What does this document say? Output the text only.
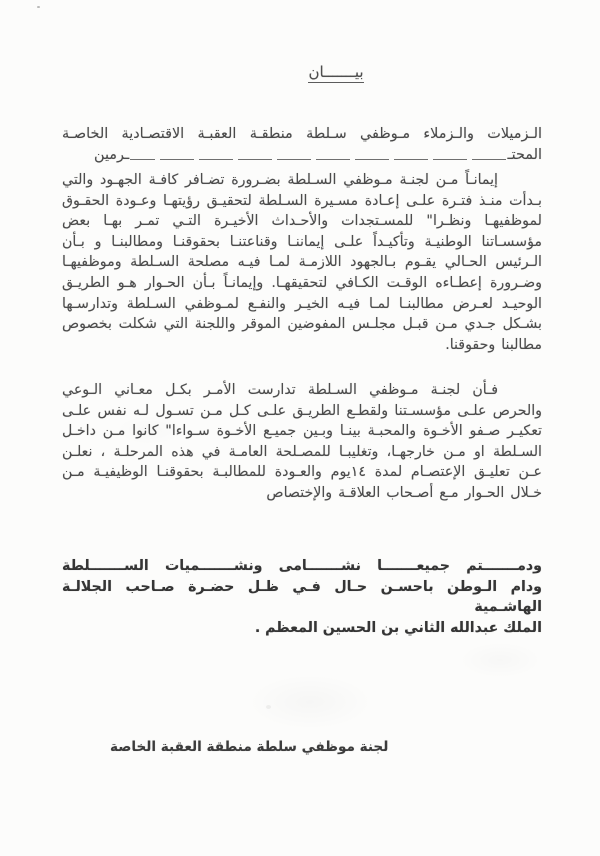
بيـــــــان
الـزميلات والـزملاء مـوظفي سـلطة منطقـة العقبـة الاقتصـادية الخاصـة
المحتـ
ـرمين
إيمانـاً مـن لجنـة مـوظفي السـلطة بضـرورة تضـافر كافـة الجهـود والتي بـدأت منـذ فتـرة علـى إعـادة مسـيرة السـلطة لتحقيـق رؤيتهـا وعـودة الحقـوق لموظفيهـا ونظـرا" للمسـتجدات والأحـداث الأخيـرة التـي تمـر بهـا بعض مؤسسـاتنا الوطنيـة وتأكيـداً علـى إيماننـا وقناعتنـا بحقوقنـا ومطالبنـا و بـأن الـرئيس الحـالي يقـوم بـالجهود اللازمـة لمـا فيـه مصلحة السـلطة وموظفيهـا وضـرورة إعطـاءه الوقـت الكـافي لتحقيقهـا. وإيمانـاً بـأن الحـوار هـو الطريـق الوحيـد لعـرض مطالبنـا لمـا فيـه الخيـر والنفـع لمـوظفي السـلطة وتدارسـها بشـكل جـدي مـن قبـل مجلـس المفوضين الموقر واللجنة التي شكلت بخصوص مطالبنا وحقوقنا.
فـأن لجنـة مـوظفي السـلطة تدارست الأمـر بكـل معـاني الـوعي والحرص علـى مؤسسـتنا ولقطـع الطريـق علـى كـل مـن تسـول لـه نفس علـى تعكيـر صـفو الأخـوة والمحبـة بينـا وبـين جميـع الأخـوة سـواءا" كانوا مـن داخـل السـلطة او مـن خارجهـا، وتغليبـا للمصـلحة العامـة في هذه المرحلـة ، نعلـن عـن تعليـق الإعتصـام لمدة ١٤يوم والعـودة للمطالبـة بحقوقنـا الوظيفيـة مـن خـلال الحـوار مـع أصـحاب العلاقـة والإختصاص
ودمـــــــتم جميعـــــــا نشـــــــامى ونشـــــــميات الســـــــلطة
ودام الـوطن باحسـن حـال فـي ظـل حضـرة صـاحب الجلالـة الهاشـمية
الملك عبدالله الثاني بن الحسين المعظم .
لجنة موظفي سلطة منطقة العقبة الخاصة
